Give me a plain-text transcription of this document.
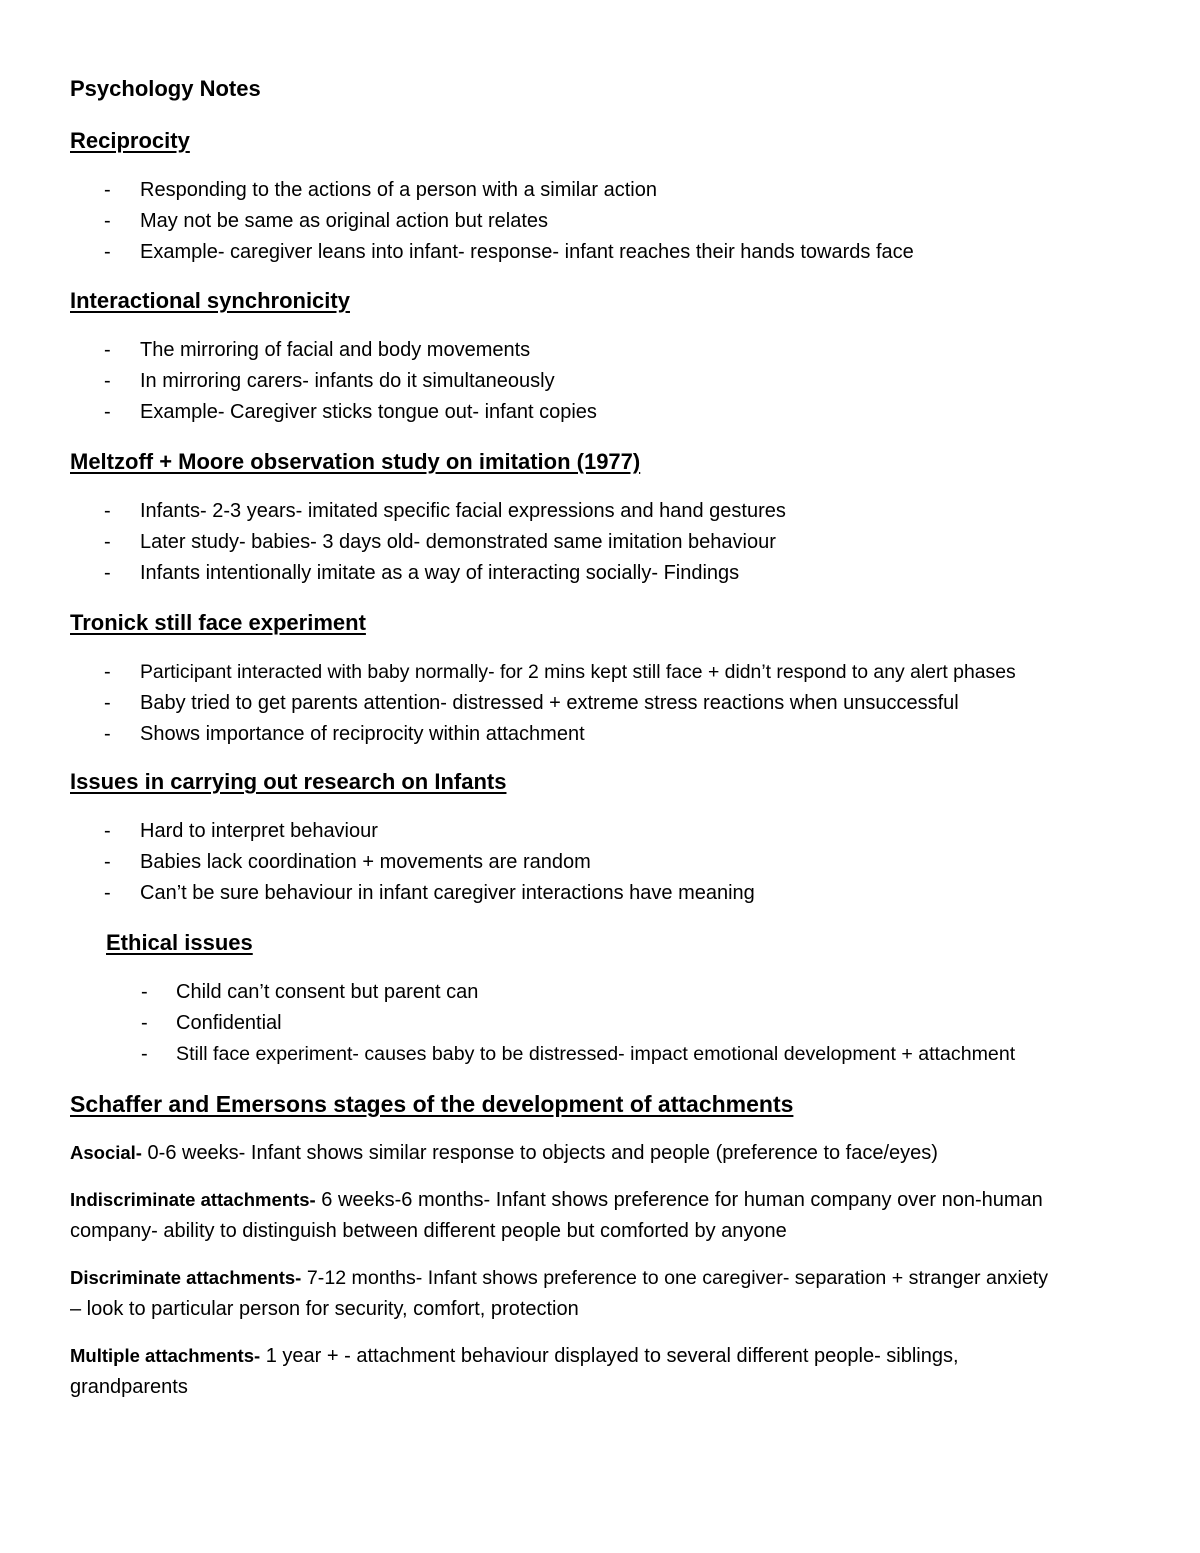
Psychology Notes
Reciprocity
- Responding to the actions of a person with a similar action
- May not be same as original action but relates
- Example- caregiver leans into infant- response- infant reaches their hands towards face
Interactional synchronicity
- The mirroring of facial and body movements
- In mirroring carers- infants do it simultaneously
- Example- Caregiver sticks tongue out- infant copies
Meltzoff + Moore observation study on imitation (1977)
- Infants- 2-3 years- imitated specific facial expressions and hand gestures
- Later study- babies- 3 days old- demonstrated same imitation behaviour
- Infants intentionally imitate as a way of interacting socially- Findings
Tronick still face experiment
- Participant interacted with baby normally- for 2 mins kept still face + didn’t respond to any alert phases
- Baby tried to get parents attention- distressed + extreme stress reactions when unsuccessful
- Shows importance of reciprocity within attachment
Issues in carrying out research on Infants
- Hard to interpret behaviour
- Babies lack coordination + movements are random
- Can’t be sure behaviour in infant caregiver interactions have meaning
Ethical issues
- Child can’t consent but parent can
- Confidential
- Still face experiment- causes baby to be distressed- impact emotional development + attachment
Schaffer and Emersons stages of the development of attachments
Asocial- 0-6 weeks- Infant shows similar response to objects and people (preference to face/eyes)
Indiscriminate attachments- 6 weeks-6 months- Infant shows preference for human company over non-human
company- ability to distinguish between different people but comforted by anyone
Discriminate attachments- 7-12 months- Infant shows preference to one caregiver- separation + stranger anxiety
– look to particular person for security, comfort, protection
Multiple attachments- 1 year + - attachment behaviour displayed to several different people- siblings,
grandparents
